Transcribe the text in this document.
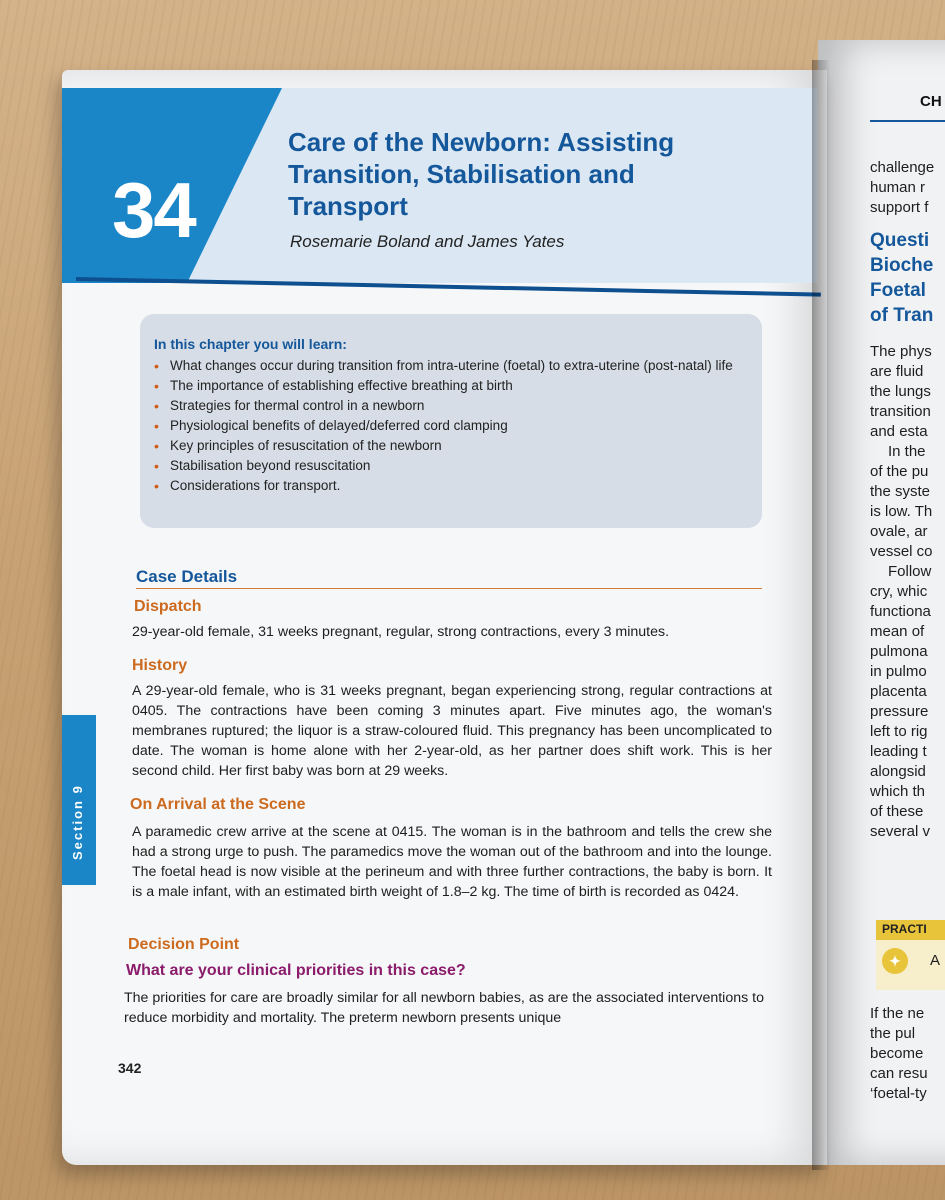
CH
challenge
human r
support f
Questi
Bioche
Foetal
of Tran
The phys
are fluid
the lungs
transition
and esta
In the
of the pu
the syste
is low. Th
ovale, ar
vessel co
Follow
cry, whic
functiona
mean of
pulmona
in pulmo
placenta
pressure
left to rig
leading t
alongsid
which th
of these
several v
If the ne
the pul
become
can resu
‘foetal-ty
PRACTI
✦	A
34
Care of the Newborn: Assisting Transition, Stabilisation and Transport
Rosemarie Boland and James Yates
In this chapter you will learn:
• What changes occur during transition from intra-uterine (foetal) to extra-uterine (post-natal) life
• The importance of establishing effective breathing at birth
• Strategies for thermal control in a newborn
• Physiological benefits of delayed/deferred cord clamping
• Key principles of resuscitation of the newborn
• Stabilisation beyond resuscitation
• Considerations for transport.
Case Details
Dispatch
29-year-old female, 31 weeks pregnant, regular, strong contractions, every 3 minutes.
History
A 29-year-old female, who is 31 weeks pregnant, began experiencing strong, regular contractions at 0405. The contractions have been coming 3 minutes apart. Five minutes ago, the woman's membranes ruptured; the liquor is a straw-coloured fluid. This pregnancy has been uncomplicated to date. The woman is home alone with her 2-year-old, as her partner does shift work. This is her second child. Her first baby was born at 29 weeks.
On Arrival at the Scene
A paramedic crew arrive at the scene at 0415. The woman is in the bathroom and tells the crew she had a strong urge to push. The paramedics move the woman out of the bathroom and into the lounge. The foetal head is now visible at the perineum and with three further contractions, the baby is born. It is a male infant, with an estimated birth weight of 1.8–2 kg. The time of birth is recorded as 0424.
Decision Point
What are your clinical priorities in this case?
The priorities for care are broadly similar for all newborn babies, as are the associated interventions to reduce morbidity and mortality. The preterm newborn presents unique
Section 9
342
